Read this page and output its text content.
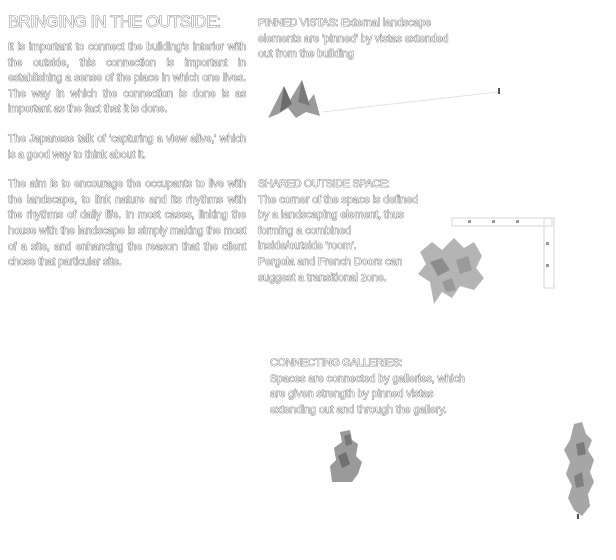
BRINGING IN THE OUTSIDE:

It is important to connect the building's interior with the outside, this connection is important in establishing a sense of the place in which one lives. The way in which the connection is done is as important as the fact that it is done.

The Japanese talk of 'capturing a view alive,' which is a good way to think about it.

The aim is to encourage the occupants to live with the landscape, to link nature and its rhythms with the rhythms of daily life. In most cases, linking the house with the landscape is simply making the most of a site, and enhancing the reason that the client chose that particular site.

PINNED VISTAS: External landscape elements are 'pinned' by vistas extended out from the building

SHARED OUTSIDE SPACE:

The corner of the space is defined by a landscaping element, thus forming a combined inside/outside 'room'.

Pergola and French Doors can suggest a transitional zone.

CONNECTING GALLERIES:

Spaces are connected by galleries, which are given strength by pinned vistas extending out and through the gallery.
